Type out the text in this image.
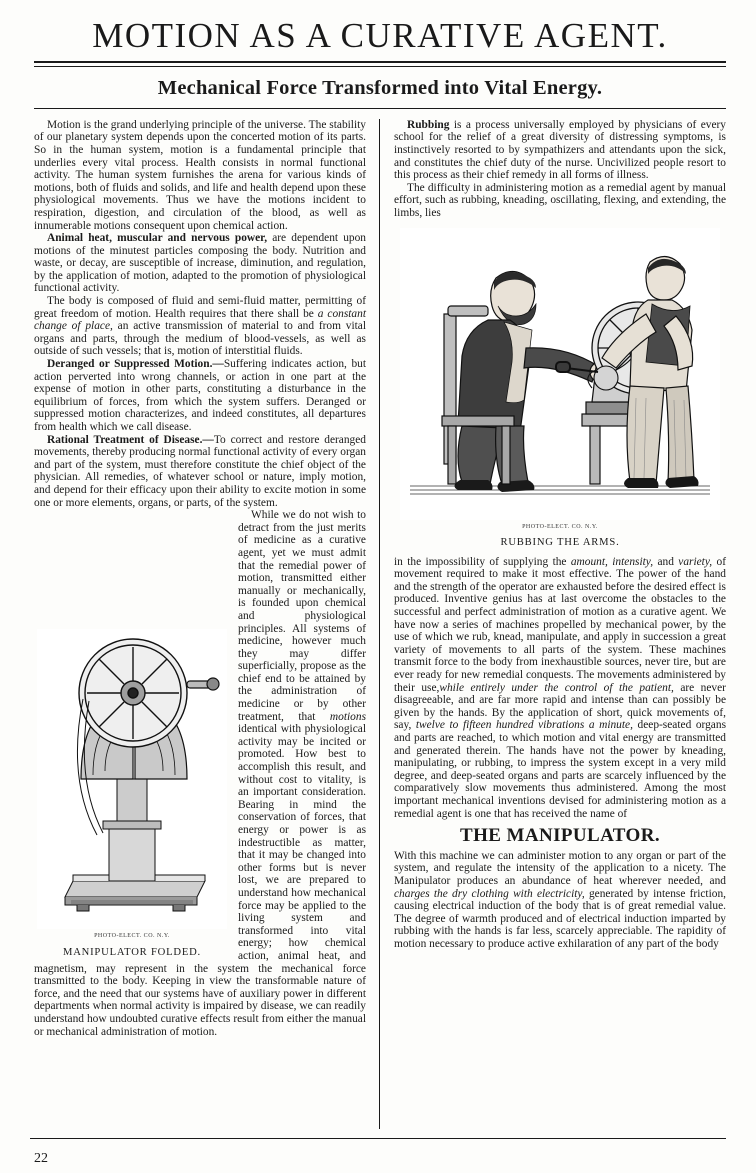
MOTION AS A CURATIVE AGENT.
Mechanical Force Transformed into Vital Energy.

Motion is the grand underlying principle of the universe. The stability of our planetary system depends upon the concerted motion of its parts. So in the human system, motion is a fundamental principle that underlies every vital process. Health consists in normal functional activity. The human system furnishes the arena for various kinds of motions, both of fluids and solids, and life and health depend upon these physiological movements. Thus we have the motions incident to respiration, digestion, and circulation of the blood, as well as innumerable motions consequent upon chemical action.

Animal heat, muscular and nervous power, are dependent upon motions of the minutest particles composing the body. Nutrition and waste, or decay, are susceptible of increase, diminution, and regulation, by the application of motion, adapted to the promotion of physiological functional activity.

The body is composed of fluid and semi-fluid matter, permitting of great freedom of motion. Health requires that there shall be a constant change of place, an active transmission of material to and from vital organs and parts, through the medium of blood-vessels, as well as outside of such vessels; that is, motion of interstitial fluids.

Deranged or Suppressed Motion.—Suffering indicates action, but action perverted into wrong channels, or action in one part at the expense of motion in other parts, constituting a disturbance in the equilibrium of forces, from which the system suffers. Deranged or suppressed motion characterizes, and indeed constitutes, all departures from health which we call disease.

Rational Treatment of Disease.—To correct and restore deranged movements, thereby producing normal functional activity of every organ and part of the system, must therefore constitute the chief object of the physician. All remedies, of whatever school or nature, imply motion, and depend for their efficacy upon their ability to excite motion in some one or more elements, organs, or parts, of the system.

PHOTO-ELECT. CO. N.Y.
MANIPULATOR FOLDED.

While we do not wish to detract from the just merits of medicine as a curative agent, yet we must admit that the remedial power of motion, transmitted either manually or mechanically, is founded upon chemical and physiological principles. All systems of medicine, however much they may differ superficially, propose as the chief end to be attained by the administration of medicine or by other treatment, that motions identical with physiological activity may be incited or promoted. How best to accomplish this result, and without cost to vitality, is an important consideration. Bearing in mind the conservation of forces, that energy or power is as indestructible as matter, that it may be changed into other forms but is never lost, we are prepared to understand how mechanical force may be applied to the living system and transformed into vital energy; how chemical action, animal heat, and magnetism, may represent in the system the mechanical force transmitted to the body. Keeping in view the transformable nature of force, and the need that our systems have of auxiliary power in different departments when normal activity is impaired by disease, we can readily understand how undoubted curative effects result from either the manual or mechanical administration of motion.

Rubbing is a process universally employed by physicians of every school for the relief of a great diversity of distressing symptoms, is instinctively resorted to by sympathizers and attendants upon the sick, and constitutes the chief duty of the nurse. Uncivilized people resort to this process as their chief remedy in all forms of illness.

The difficulty in administering motion as a remedial agent by manual effort, such as rubbing, kneading, oscillating, flexing, and extending, the limbs, lies

PHOTO-ELECT. CO. N.Y.
RUBBING THE ARMS.

in the impossibility of supplying the amount, intensity, and variety, of movement required to make it most effective. The power of the hand and the strength of the operator are exhausted before the desired effect is produced. Inventive genius has at last overcome the obstacles to the successful and perfect administration of motion as a curative agent. We have now a series of machines propelled by mechanical power, by the use of which we rub, knead, manipulate, and apply in succession a great variety of movements to all parts of the system. These machines transmit force to the body from inexhaustible sources, never tire, but are ever ready for new remedial conquests. The movements administered by their use,while entirely under the control of the patient, are never disagreeable, and are far more rapid and intense than can possibly be given by the hands. By the application of short, quick movements of, say, twelve to fifteen hundred vibrations a minute, deep-seated organs and parts are reached, to which motion and vital energy are transmitted and generated therein. The hands have not the power by kneading, manipulating, or rubbing, to impress the system except in a very mild degree, and deep-seated organs and parts are scarcely influenced by the comparatively slow movements thus administered. Among the most important mechanical inventions devised for administering motion as a remedial agent is one that has received the name of

THE MANIPULATOR.

With this machine we can administer motion to any organ or part of the system, and regulate the intensity of the application to a nicety. The Manipulator produces an abundance of heat wherever needed, and charges the dry clothing with electricity, generated by intense friction, causing electrical induction of the body that is of great remedial value. The degree of warmth produced and of electrical induction imparted by rubbing with the hands is far less, scarcely appreciable. The rapidity of motion necessary to produce active exhilaration of any part of the body

22
